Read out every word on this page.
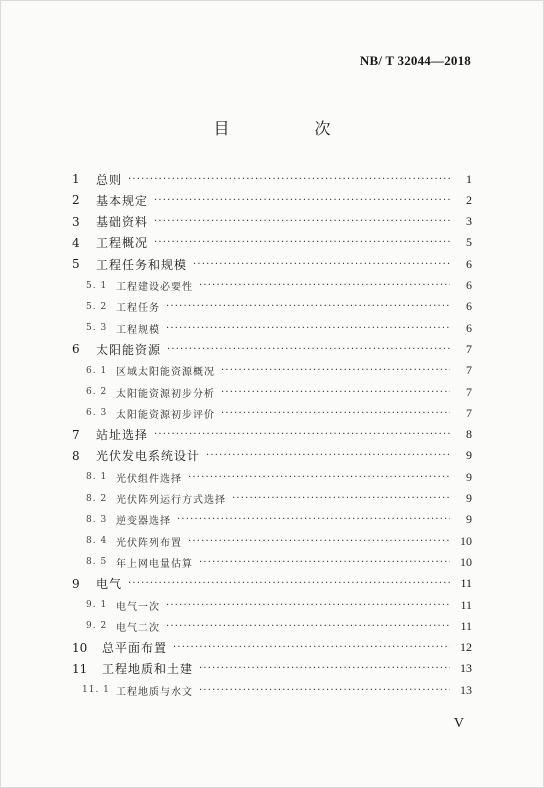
NB/ T 32044—2018
目 次
1	总则 ·····	1
2	基本规定 ·····	2
3	基础资料 ·····	3
4	工程概况 ·····	5
5	工程任务和规模 ·····	6
5. 1 工程建设必要性 ·····	6
5. 2 工程任务 ·····	6
5. 3 工程规模 ·····	6
6	太阳能资源 ·····	7
6. 1 区域太阳能资源概况 ·····	7
6. 2 太阳能资源初步分析 ·····	7
6. 3 太阳能资源初步评价 ·····	7
7	站址选择 ·····	8
8	光伏发电系统设计 ·····	9
8. 1 光伏组件选择 ·····	9
8. 2 光伏阵列运行方式选择 ·····	9
8. 3 逆变器选择 ·····	9
8. 4 光伏阵列布置 ·····	10
8. 5 年上网电量估算 ·····	10
9	电气 ·····	11
9. 1 电气一次 ·····	11
9. 2 电气二次 ·····	11
10	总平面布置 ·····	12
11	工程地质和土建 ·····	13
11. 1 工程地质与水文 ·····	13
V
